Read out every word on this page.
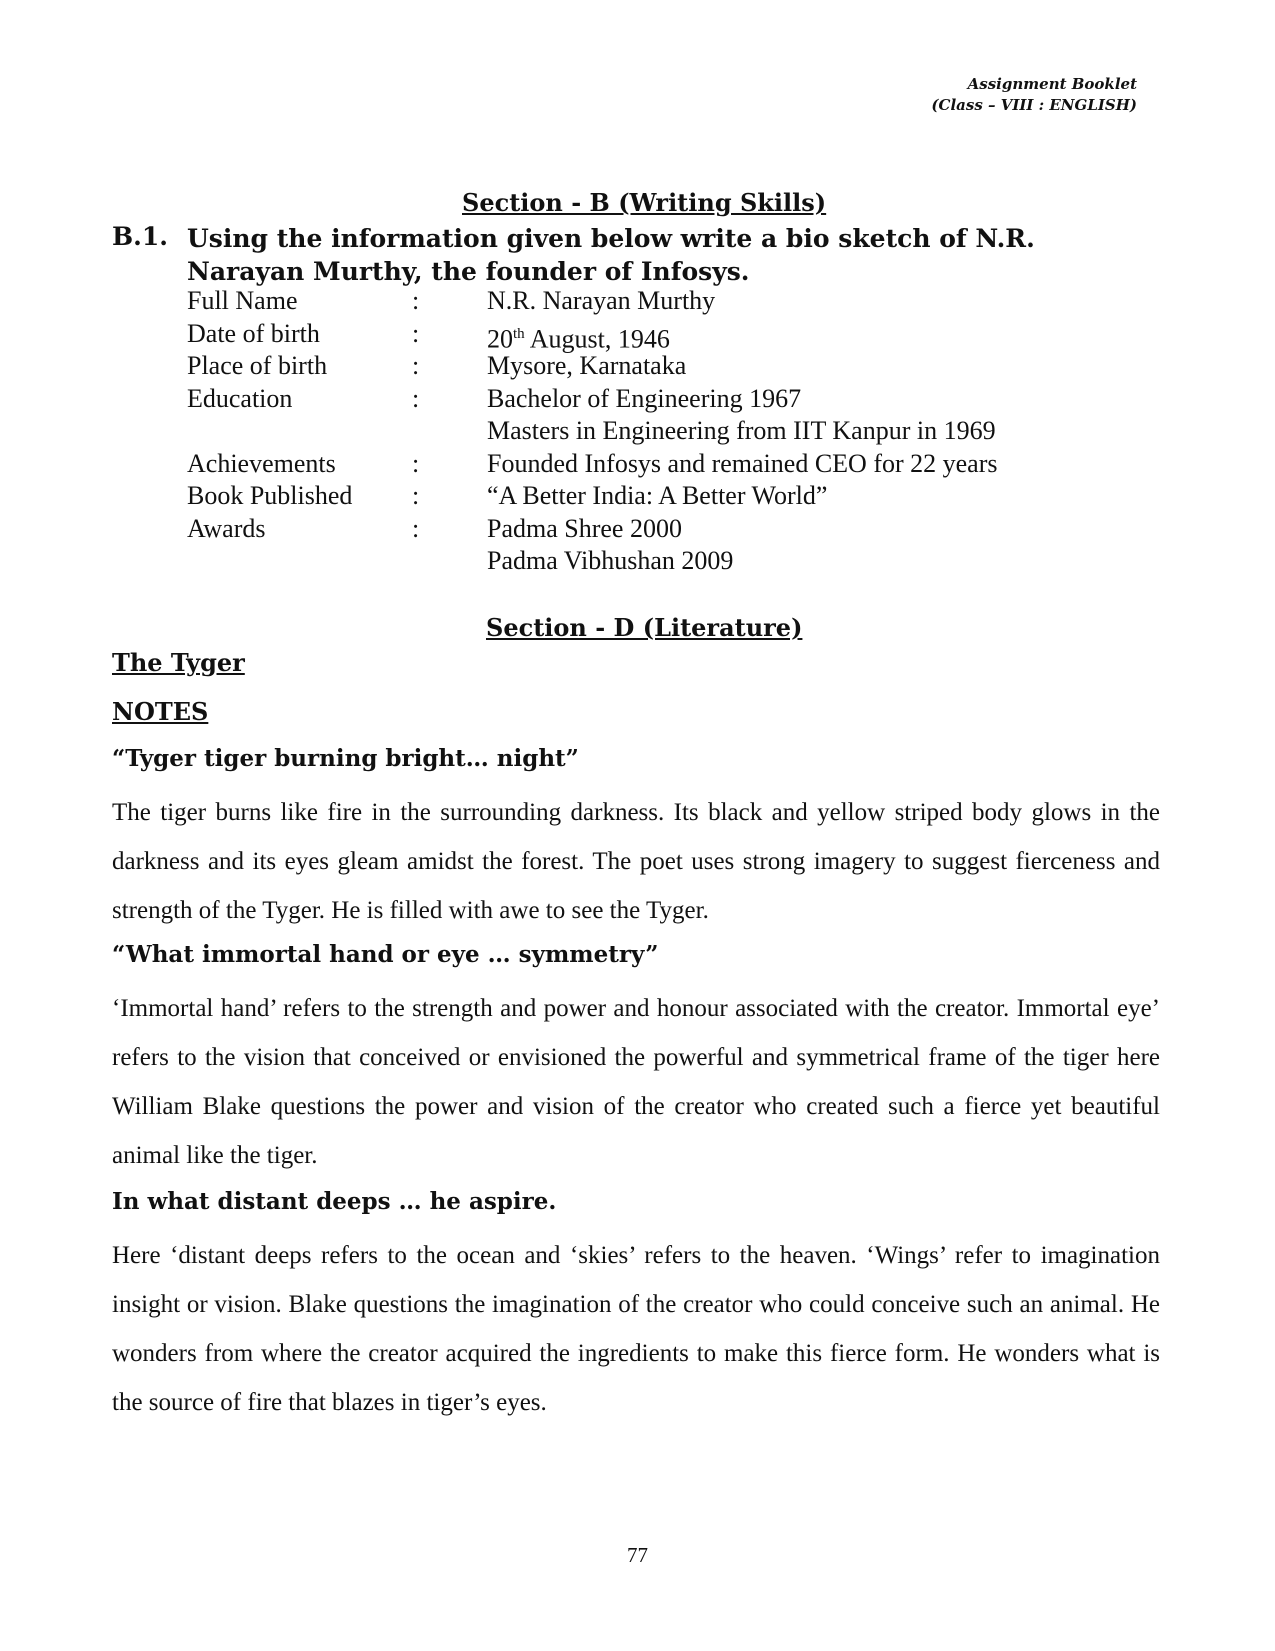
Assignment Booklet
(Class – VIII : ENGLISH)
Section - B (Writing Skills)
B.1. Using the information given below write a bio sketch of N.R. Narayan Murthy, the founder of Infosys.
Full Name	:	N.R. Narayan Murthy
Date of birth	:	20th August, 1946
Place of birth	:	Mysore, Karnataka
Education	:	Bachelor of Engineering 1967
Masters in Engineering from IIT Kanpur in 1969
Achievements	:	Founded Infosys and remained CEO for 22 years
Book Published	:	“A Better India: A Better World”
Awards	:	Padma Shree 2000
Padma Vibhushan 2009
Section - D (Literature)
The Tyger
NOTES
“Tyger tiger burning bright… night”
The tiger burns like fire in the surrounding darkness. Its black and yellow striped body glows in the darkness and its eyes gleam amidst the forest. The poet uses strong imagery to suggest fierceness and strength of the Tyger. He is filled with awe to see the Tyger.
“What immortal hand or eye … symmetry”
‘Immortal hand’ refers to the strength and power and honour associated with the creator. Immortal eye’ refers to the vision that conceived or envisioned the powerful and symmetrical frame of the tiger here William Blake questions the power and vision of the creator who created such a fierce yet beautiful animal like the tiger.
In what distant deeps … he aspire.
Here ‘distant deeps refers to the ocean and ‘skies’ refers to the heaven. ‘Wings’ refer to imagination insight or vision. Blake questions the imagination of the creator who could conceive such an animal. He wonders from where the creator acquired the ingredients to make this fierce form. He wonders what is the source of fire that blazes in tiger’s eyes.
77
